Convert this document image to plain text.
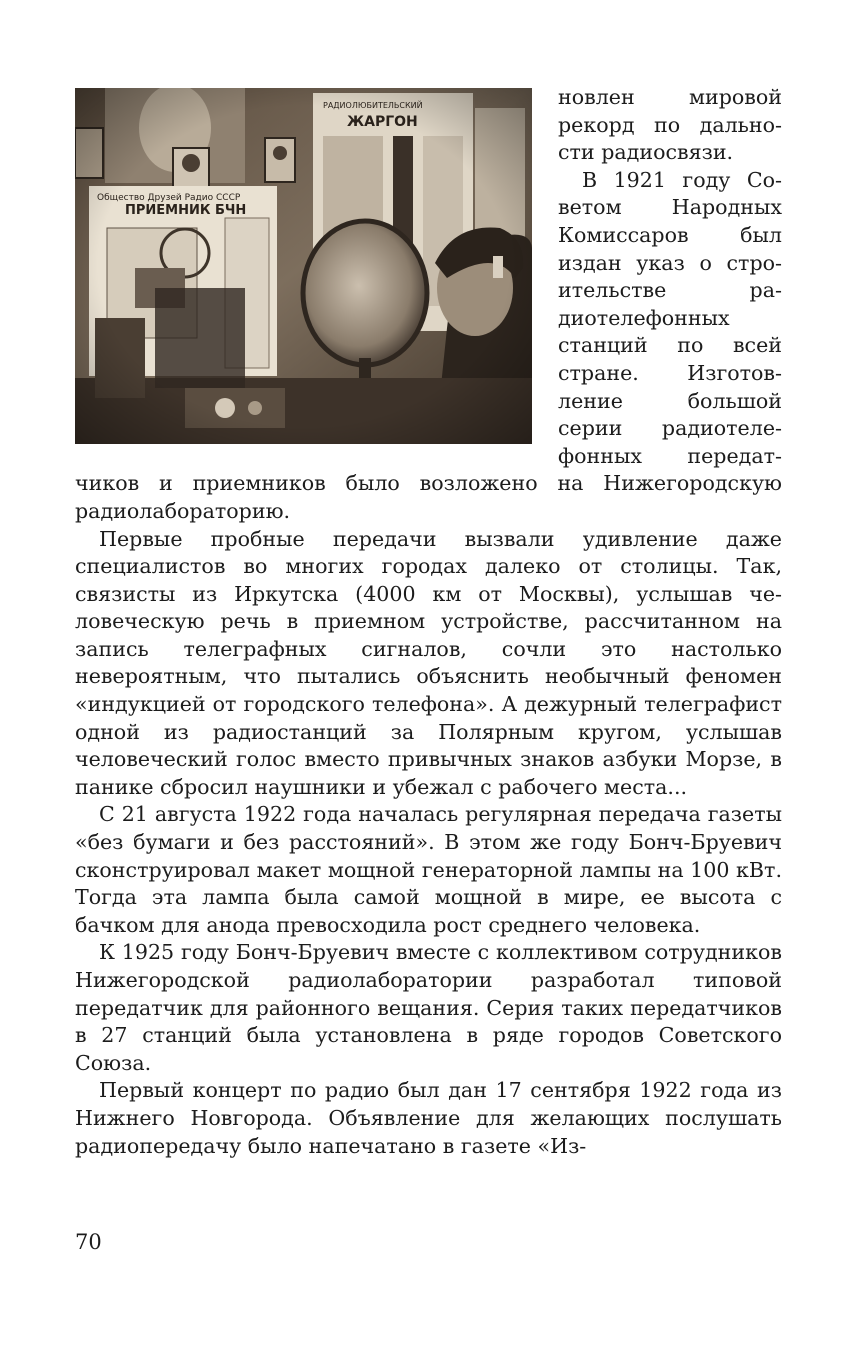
новлен мировой рекорд по дальности радиосвязи.

В 1921 году Советом Народных Комиссаров был издан указ о строительстве радиотелефонных станций по всей стране. Изготовление большой серии радиотелефонных передатчиков и приемников было возложено на Нижегородскую радиолабораторию.

Первые пробные передачи вызвали удивление даже специалистов во многих городах далеко от столицы. Так, связисты из Иркутска (4000 км от Москвы), услышав человеческую речь в приемном устройстве, рассчитанном на запись телеграфных сигналов, сочли это настолько невероятным, что пытались объяснить необычный феномен «индукцией от городского телефона». А дежурный телеграфист одной из радиостанций за Полярным кругом, услышав человеческий голос вместо привычных знаков азбуки Морзе, в панике сбросил наушники и убежал с рабочего места...

С 21 августа 1922 года началась регулярная передача газеты «без бумаги и без расстояний». В этом же году Бонч-Бруевич сконструировал макет мощной генераторной лампы на 100 кВт. Тогда эта лампа была самой мощной в мире, ее высота с бачком для анода превосходила рост среднего человека.

К 1925 году Бонч-Бруевич вместе с коллективом сотрудников Нижегородской радиолаборатории разработал типовой передатчик для районного вещания. Серия таких передатчиков в 27 станций была установлена в ряде городов Советского Союза.

Первый концерт по радио был дан 17 сентября 1922 года из Нижнего Новгорода. Объявление для желающих послушать радиопередачу было напечатано в газете «Из-

70
